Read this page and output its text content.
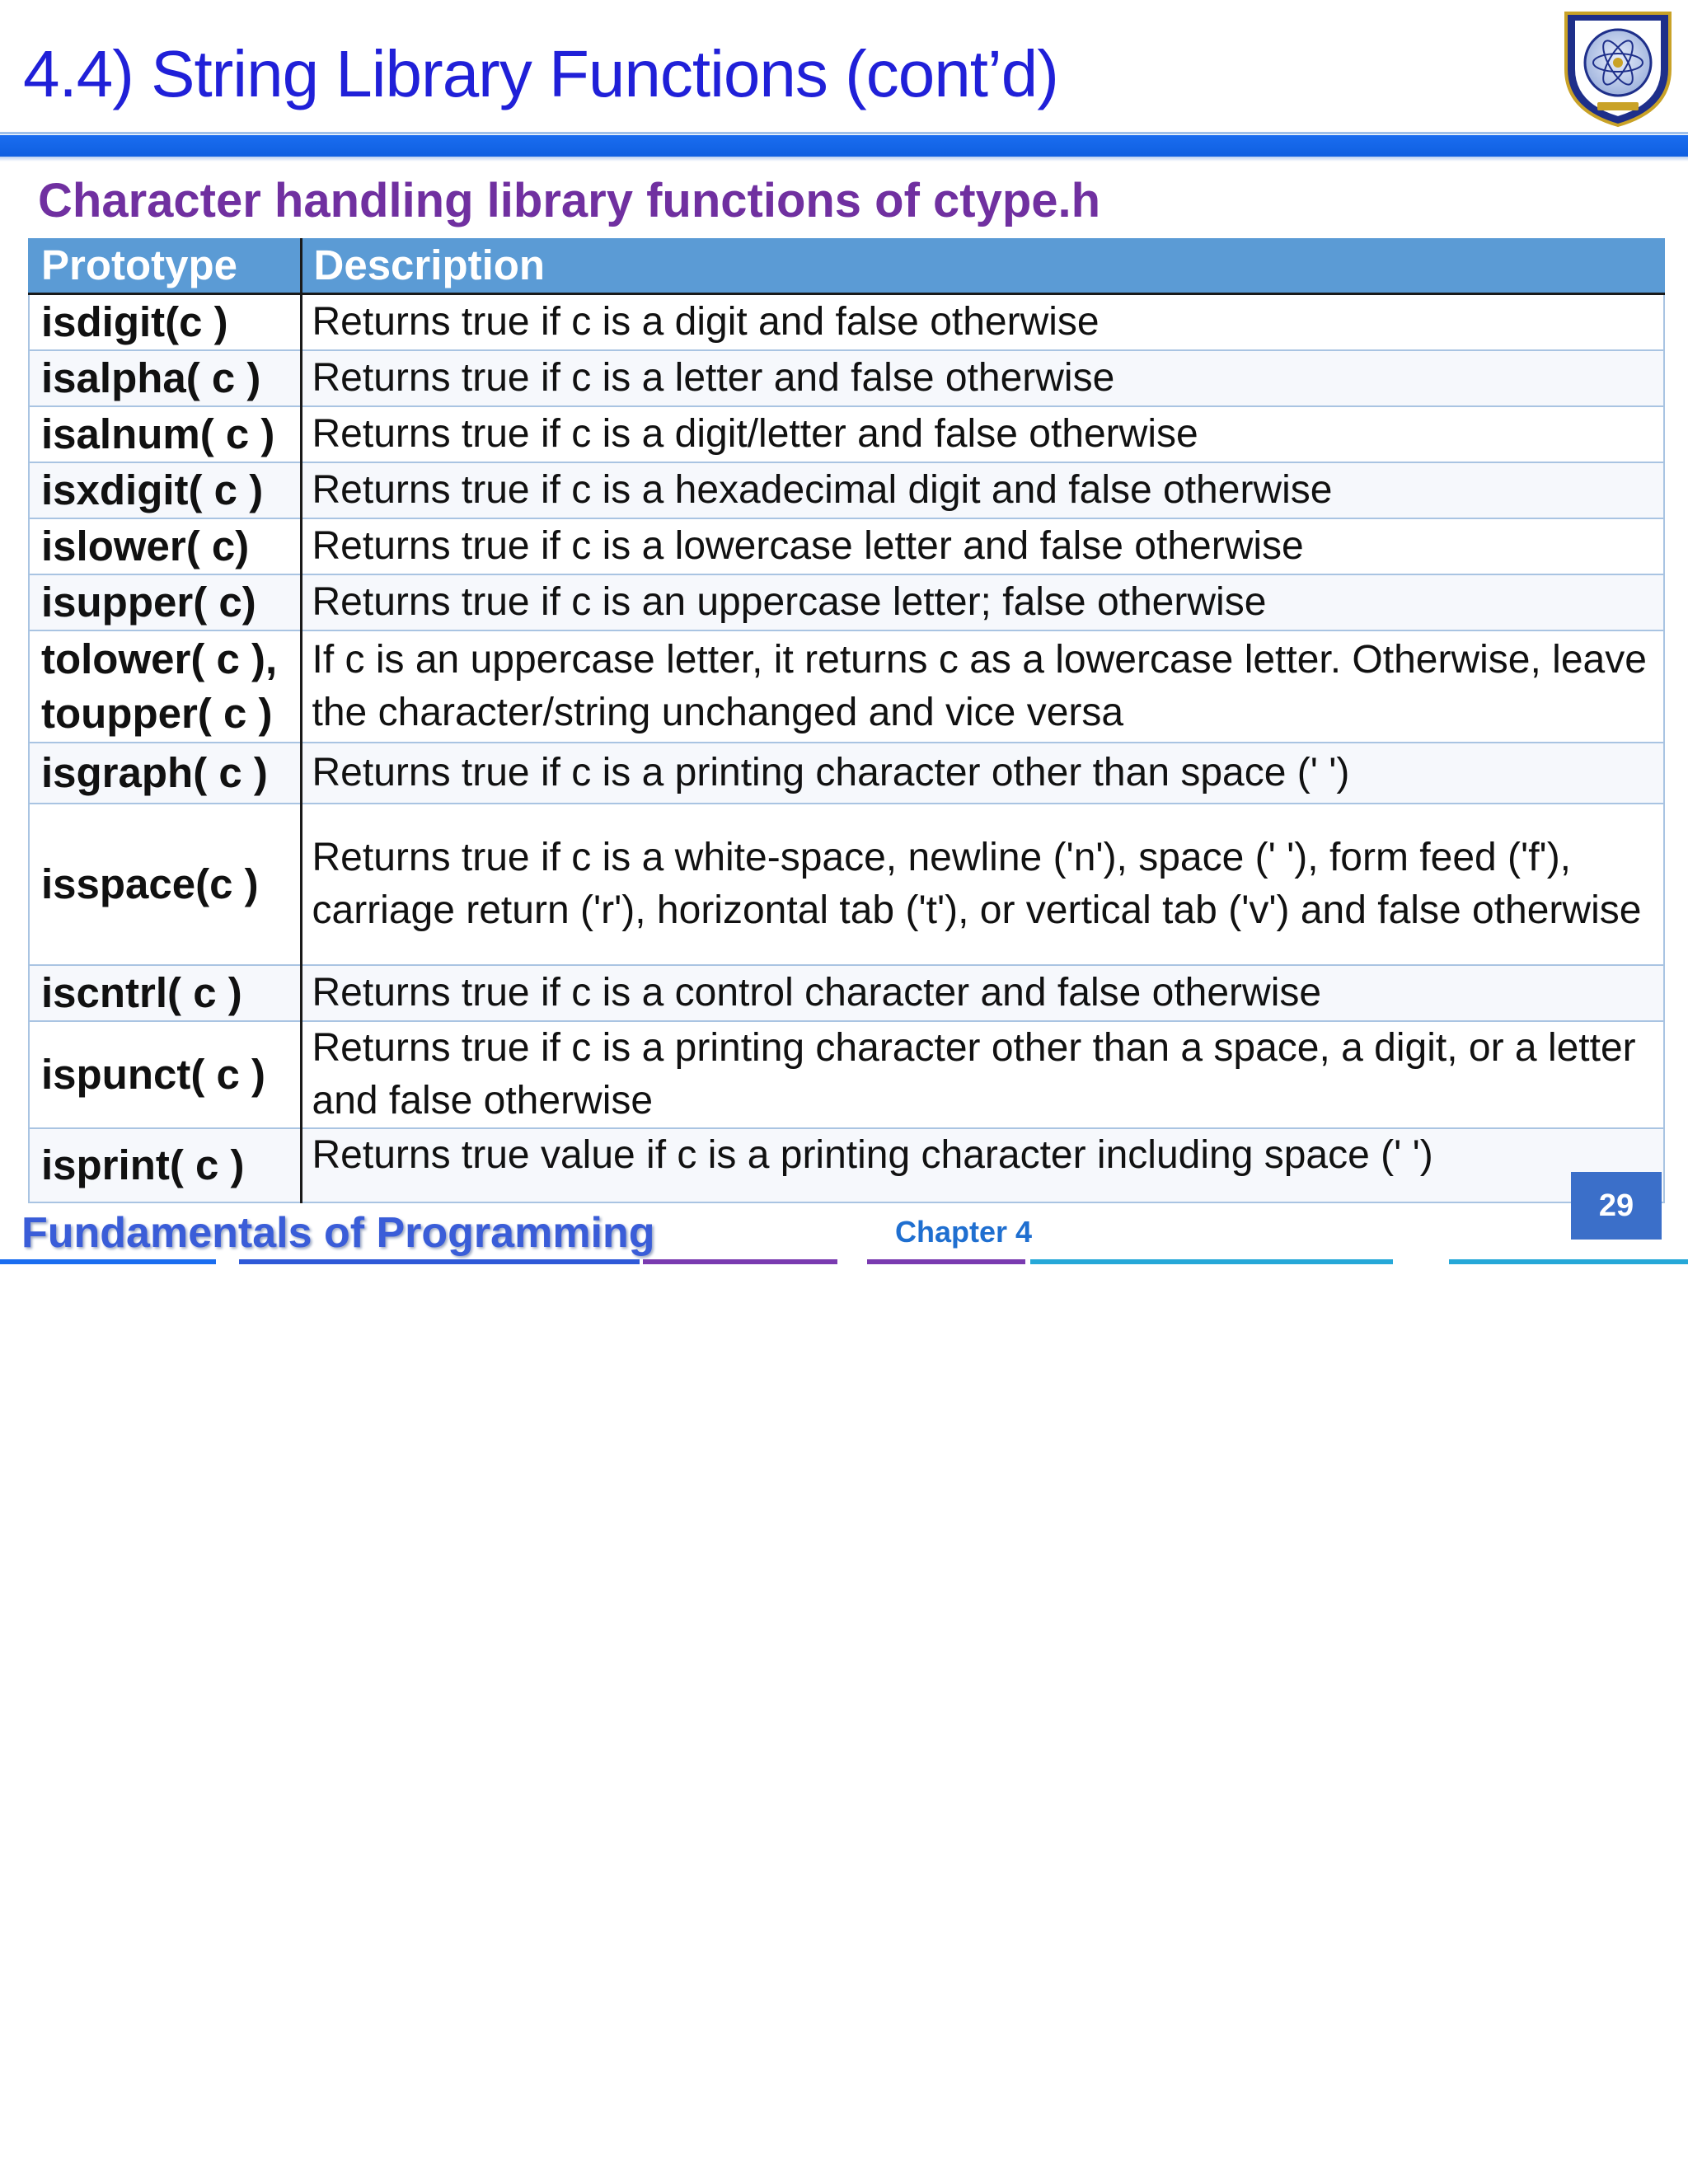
4.4) String Library Functions (cont’d)
Character handling library functions of ctype.h
Prototype	Description
isdigit(c )	Returns true if c is a digit and false otherwise
isalpha( c )	Returns true if c is a letter and false otherwise
isalnum( c )	Returns true if c is a digit/letter and false otherwise
isxdigit( c )	Returns true if c is a hexadecimal digit and false otherwise
islower( c)	Returns true if c is a lowercase letter and false otherwise
isupper( c)	Returns true if c is an uppercase letter; false otherwise
tolower( c ), toupper( c )	If c is an uppercase letter, it returns c as a lowercase letter. Otherwise, leave the character/string unchanged and vice versa
isgraph( c )	Returns true if c is a printing character other than space (' ')
isspace(c )	Returns true if c is a white-space, newline ('n'), space (' '), form feed ('f'), carriage return ('r'), horizontal tab ('t'), or vertical tab ('v') and false otherwise
iscntrl( c )	Returns true if c is a control character and false otherwise
ispunct( c )	Returns true if c is a printing character other than a space, a digit, or a letter and false otherwise
isprint( c )	Returns true value if c is a printing character including space (' ')
29
Fundamentals of Programming	Chapter 4
